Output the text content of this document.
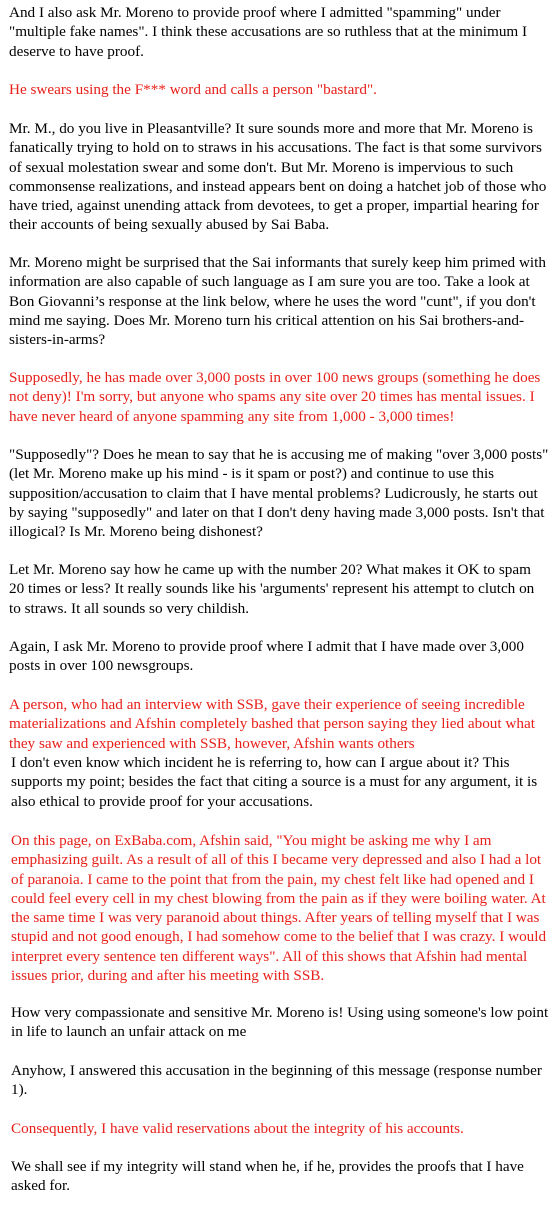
And I also ask Mr. Moreno to provide proof where I admitted "spamming" under "multiple fake names". I think these accusations are so ruthless that at the minimum I deserve to have proof.

He swears using the F*** word and calls a person "bastard".

Mr. M., do you live in Pleasantville? It sure sounds more and more that Mr. Moreno is fanatically trying to hold on to straws in his accusations. The fact is that some survivors of sexual molestation swear and some don't. But Mr. Moreno is impervious to such commonsense realizations, and instead appears bent on doing a hatchet job of those who have tried, against unending attack from devotees, to get a proper, impartial hearing for their accounts of being sexually abused by Sai Baba.

Mr. Moreno might be surprised that the Sai informants that surely keep him primed with information are also capable of such language as I am sure you are too. Take a look at Bon Giovanni’s response at the link below, where he uses the word "cunt", if you don't mind me saying. Does Mr. Moreno turn his critical attention on his Sai brothers-and-sisters-in-arms?

Supposedly, he has made over 3,000 posts in over 100 news groups (something he does not deny)! I'm sorry, but anyone who spams any site over 20 times has mental issues. I have never heard of anyone spamming any site from 1,000 - 3,000 times!

"Supposedly"? Does he mean to say that he is accusing me of making "over 3,000 posts" (let Mr. Moreno make up his mind - is it spam or post?) and continue to use this supposition/accusation to claim that I have mental problems? Ludicrously, he starts out by saying "supposedly" and later on that I don't deny having made 3,000 posts. Isn't that illogical? Is Mr. Moreno being dishonest?

Let Mr. Moreno say how he came up with the number 20? What makes it OK to spam 20 times or less? It really sounds like his 'arguments' represent his attempt to clutch on to straws. It all sounds so very childish.

Again, I ask Mr. Moreno to provide proof where I admit that I have made over 3,000 posts in over 100 newsgroups.

A person, who had an interview with SSB, gave their experience of seeing incredible materializations and Afshin completely bashed that person saying they lied about what they saw and experienced with SSB, however, Afshin wants others

I don't even know which incident he is referring to, how can I argue about it? This supports my point; besides the fact that citing a source is a must for any argument, it is also ethical to provide proof for your accusations.

On this page, on ExBaba.com, Afshin said, "You might be asking me why I am emphasizing guilt. As a result of all of this I became very depressed and also I had a lot of paranoia. I came to the point that from the pain, my chest felt like had opened and I could feel every cell in my chest blowing from the pain as if they were boiling water. At the same time I was very paranoid about things. After years of telling myself that I was stupid and not good enough, I had somehow come to the belief that I was crazy. I would interpret every sentence ten different ways". All of this shows that Afshin had mental issues prior, during and after his meeting with SSB.

How very compassionate and sensitive Mr. Moreno is! Using using someone's low point in life to launch an unfair attack on me

Anyhow, I answered this accusation in the beginning of this message (response number 1).

Consequently, I have valid reservations about the integrity of his accounts.

We shall see if my integrity will stand when he, if he, provides the proofs that I have asked for.
